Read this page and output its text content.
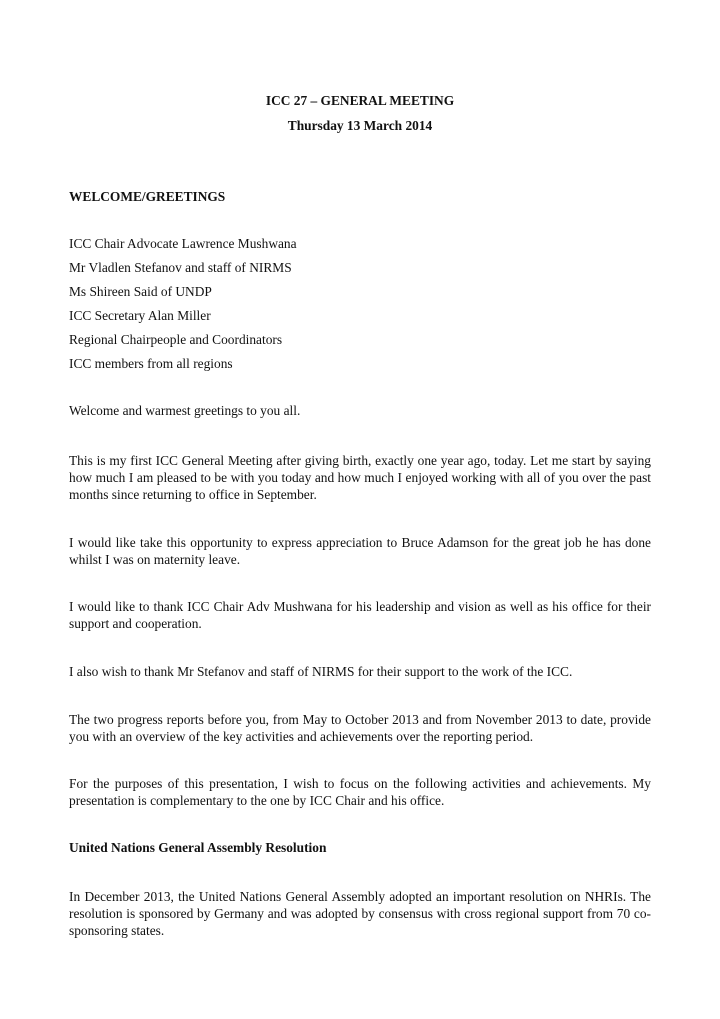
ICC 27 – GENERAL MEETING

Thursday 13 March 2014

WELCOME/GREETINGS

ICC Chair Advocate Lawrence Mushwana

Mr Vladlen Stefanov and staff of NIRMS

Ms Shireen Said of UNDP

ICC Secretary Alan Miller

Regional Chairpeople and Coordinators

ICC members from all regions

Welcome and warmest greetings to you all.

This is my first ICC General Meeting after giving birth, exactly one year ago, today. Let me start by saying how much I am pleased to be with you today and how much I enjoyed working with all of you over the past months since returning to office in September.

I would like take this opportunity to express appreciation to Bruce Adamson for the great job he has done whilst I was on maternity leave.

I would like to thank ICC Chair Adv Mushwana for his leadership and vision as well as his office for their support and cooperation.

I also wish to thank Mr Stefanov and staff of NIRMS for their support to the work of the ICC.

The two progress reports before you, from May to October 2013 and from November 2013 to date, provide you with an overview of the key activities and achievements over the reporting period.

For the purposes of this presentation, I wish to focus on the following activities and achievements. My presentation is complementary to the one by ICC Chair and his office.

United Nations General Assembly Resolution

In December 2013, the United Nations General Assembly adopted an important resolution on NHRIs. The resolution is sponsored by Germany and was adopted by consensus with cross regional support from 70 co-sponsoring states.
